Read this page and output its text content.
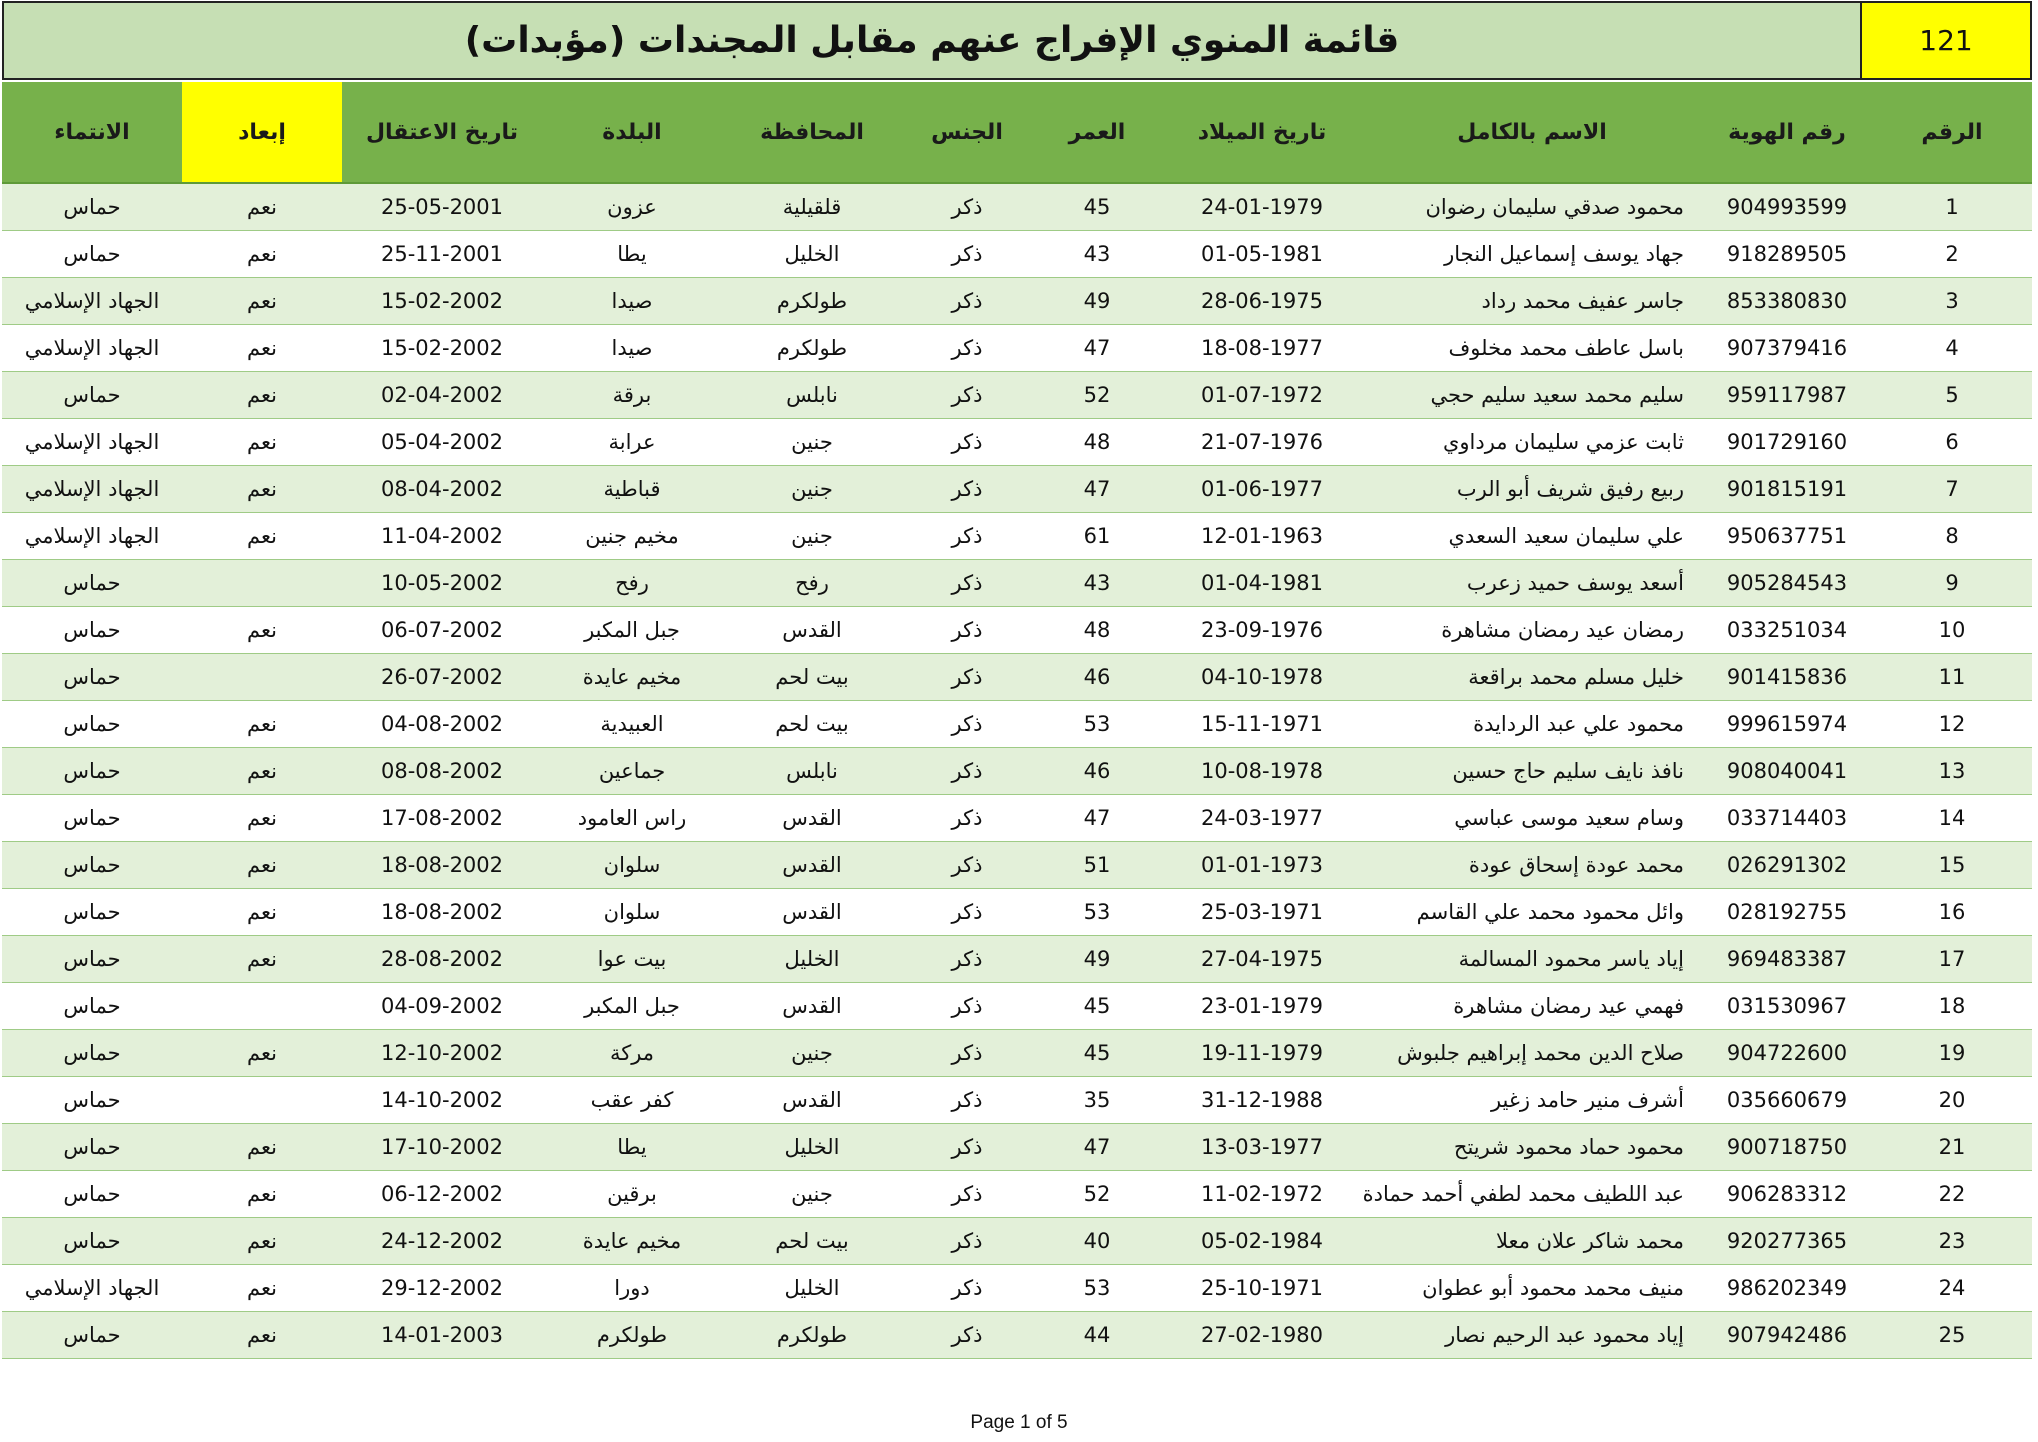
قائمة المنوي الإفراج عنهم مقابل المجندات (مؤبدات)	121
الرقم	رقم الهوية	الاسم بالكامل	تاريخ الميلاد	العمر	الجنس	المحافظة	البلدة	تاريخ الاعتقال	إبعاد	الانتماء
1	904993599	محمود صدقي سليمان رضوان	24-01-1979	45	ذكر	قلقيلية	عزون	25-05-2001	نعم	حماس
2	918289505	جهاد يوسف إسماعيل النجار	01-05-1981	43	ذكر	الخليل	يطا	25-11-2001	نعم	حماس
3	853380830	جاسر عفيف محمد رداد	28-06-1975	49	ذكر	طولكرم	صيدا	15-02-2002	نعم	الجهاد الإسلامي
4	907379416	باسل عاطف محمد مخلوف	18-08-1977	47	ذكر	طولكرم	صيدا	15-02-2002	نعم	الجهاد الإسلامي
5	959117987	سليم محمد سعيد سليم حجي	01-07-1972	52	ذكر	نابلس	برقة	02-04-2002	نعم	حماس
6	901729160	ثابت عزمي سليمان مرداوي	21-07-1976	48	ذكر	جنين	عرابة	05-04-2002	نعم	الجهاد الإسلامي
7	901815191	ربيع رفيق شريف أبو الرب	01-06-1977	47	ذكر	جنين	قباطية	08-04-2002	نعم	الجهاد الإسلامي
8	950637751	علي سليمان سعيد السعدي	12-01-1963	61	ذكر	جنين	مخيم جنين	11-04-2002	نعم	الجهاد الإسلامي
9	905284543	أسعد يوسف حميد زعرب	01-04-1981	43	ذكر	رفح	رفح	10-05-2002		حماس
10	033251034	رمضان عيد رمضان مشاهرة	23-09-1976	48	ذكر	القدس	جبل المكبر	06-07-2002	نعم	حماس
11	901415836	خليل مسلم محمد براقعة	04-10-1978	46	ذكر	بيت لحم	مخيم عايدة	26-07-2002		حماس
12	999615974	محمود علي عبد الردايدة	15-11-1971	53	ذكر	بيت لحم	العبيدية	04-08-2002	نعم	حماس
13	908040041	نافذ نايف سليم حاج حسين	10-08-1978	46	ذكر	نابلس	جماعين	08-08-2002	نعم	حماس
14	033714403	وسام سعيد موسى عباسي	24-03-1977	47	ذكر	القدس	راس العامود	17-08-2002	نعم	حماس
15	026291302	محمد عودة إسحاق عودة	01-01-1973	51	ذكر	القدس	سلوان	18-08-2002	نعم	حماس
16	028192755	وائل محمود محمد علي القاسم	25-03-1971	53	ذكر	القدس	سلوان	18-08-2002	نعم	حماس
17	969483387	إياد ياسر محمود المسالمة	27-04-1975	49	ذكر	الخليل	بيت عوا	28-08-2002	نعم	حماس
18	031530967	فهمي عيد رمضان مشاهرة	23-01-1979	45	ذكر	القدس	جبل المكبر	04-09-2002		حماس
19	904722600	صلاح الدين محمد إبراهيم جلبوش	19-11-1979	45	ذكر	جنين	مركة	12-10-2002	نعم	حماس
20	035660679	أشرف منير حامد زغير	31-12-1988	35	ذكر	القدس	كفر عقب	14-10-2002		حماس
21	900718750	محمود حماد محمود شريتح	13-03-1977	47	ذكر	الخليل	يطا	17-10-2002	نعم	حماس
22	906283312	عبد اللطيف محمد لطفي أحمد حمادة	11-02-1972	52	ذكر	جنين	برقين	06-12-2002	نعم	حماس
23	920277365	محمد شاكر علان معلا	05-02-1984	40	ذكر	بيت لحم	مخيم عايدة	24-12-2002	نعم	حماس
24	986202349	منيف محمد محمود أبو عطوان	25-10-1971	53	ذكر	الخليل	دورا	29-12-2002	نعم	الجهاد الإسلامي
25	907942486	إياد محمود عبد الرحيم نصار	27-02-1980	44	ذكر	طولكرم	طولكرم	14-01-2003	نعم	حماس
Page 1 of 5
